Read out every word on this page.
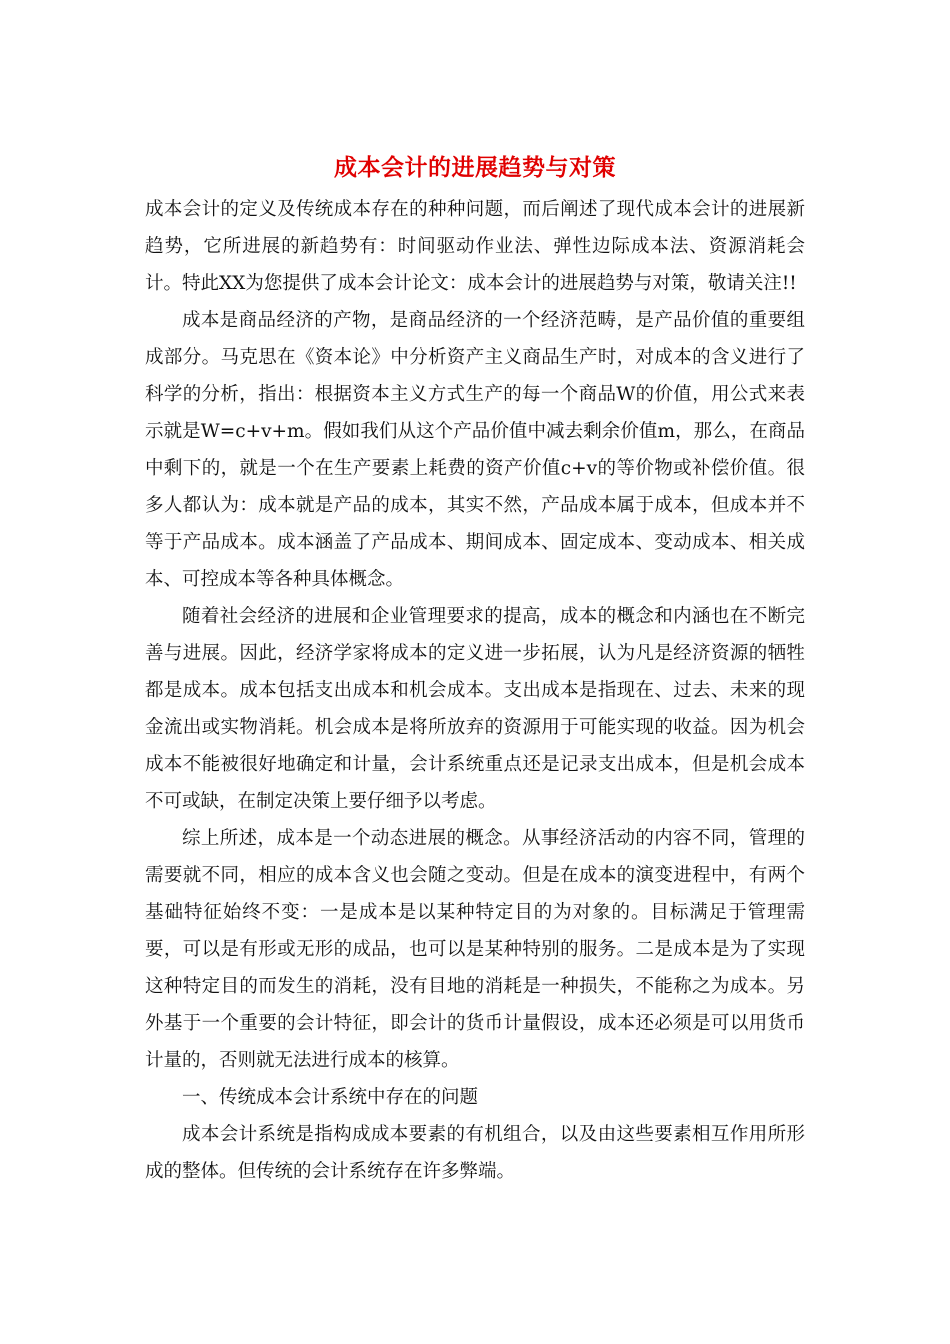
成本会计的进展趋势与对策

成本会计的定义及传统成本存在的种种问题，而后阐述了现代成本会计的进展新趋势，它所进展的新趋势有：时间驱动作业法、弹性边际成本法、资源消耗会计。特此XX为您提供了成本会计论文：成本会计的进展趋势与对策，敬请关注!!

成本是商品经济的产物，是商品经济的一个经济范畴，是产品价值的重要组成部分。马克思在《资本论》中分析资产主义商品生产时，对成本的含义进行了科学的分析，指出：根据资本主义方式生产的每一个商品W的价值，用公式来表示就是W=c+v+m。假如我们从这个产品价值中减去剩余价值m，那么，在商品中剩下的，就是一个在生产要素上耗费的资产价值c+v的等价物或补偿价值。很多人都认为：成本就是产品的成本，其实不然，产品成本属于成本，但成本并不等于产品成本。成本涵盖了产品成本、期间成本、固定成本、变动成本、相关成本、可控成本等各种具体概念。

随着社会经济的进展和企业管理要求的提高，成本的概念和内涵也在不断完善与进展。因此，经济学家将成本的定义进一步拓展，认为凡是经济资源的牺牲都是成本。成本包括支出成本和机会成本。支出成本是指现在、过去、未来的现金流出或实物消耗。机会成本是将所放弃的资源用于可能实现的收益。因为机会成本不能被很好地确定和计量，会计系统重点还是记录支出成本，但是机会成本不可或缺，在制定决策上要仔细予以考虑。

综上所述，成本是一个动态进展的概念。从事经济活动的内容不同，管理的需要就不同，相应的成本含义也会随之变动。但是在成本的演变进程中，有两个基础特征始终不变：一是成本是以某种特定目的为对象的。目标满足于管理需要，可以是有形或无形的成品，也可以是某种特别的服务。二是成本是为了实现这种特定目的而发生的消耗，没有目地的消耗是一种损失，不能称之为成本。另外基于一个重要的会计特征，即会计的货币计量假设，成本还必须是可以用货币计量的，否则就无法进行成本的核算。

一、传统成本会计系统中存在的问题

成本会计系统是指构成成本要素的有机组合，以及由这些要素相互作用所形成的整体。但传统的会计系统存在许多弊端。
